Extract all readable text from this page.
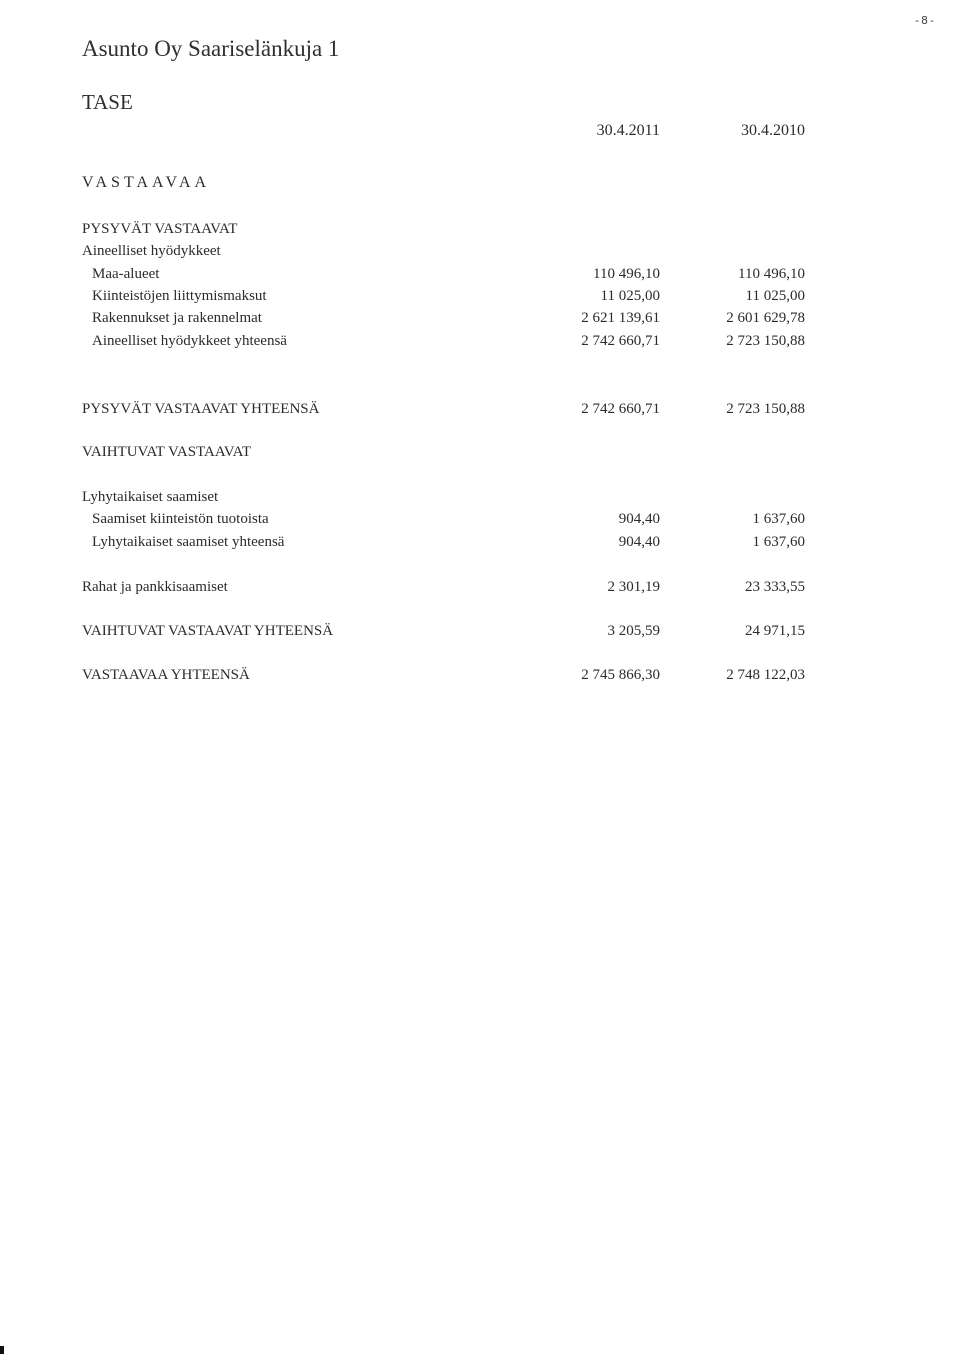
-8-
Asunto Oy Saariselänkuja 1
TASE
30.4.2011	30.4.2010
VASTAAVAA
PYSYVÄT VASTAAVAT
Aineelliset hyödykkeet
Maa-alueet	110 496,10	110 496,10
Kiinteistöjen liittymismaksut	11 025,00	11 025,00
Rakennukset ja rakennelmat	2 621 139,61	2 601 629,78
Aineelliset hyödykkeet yhteensä	2 742 660,71	2 723 150,88
PYSYVÄT VASTAAVAT YHTEENSÄ	2 742 660,71	2 723 150,88
VAIHTUVAT VASTAAVAT
Lyhytaikaiset saamiset
Saamiset kiinteistön tuotoista	904,40	1 637,60
Lyhytaikaiset saamiset yhteensä	904,40	1 637,60
Rahat ja pankkisaamiset	2 301,19	23 333,55
VAIHTUVAT VASTAAVAT YHTEENSÄ	3 205,59	24 971,15
VASTAAVAA YHTEENSÄ	2 745 866,30	2 748 122,03
